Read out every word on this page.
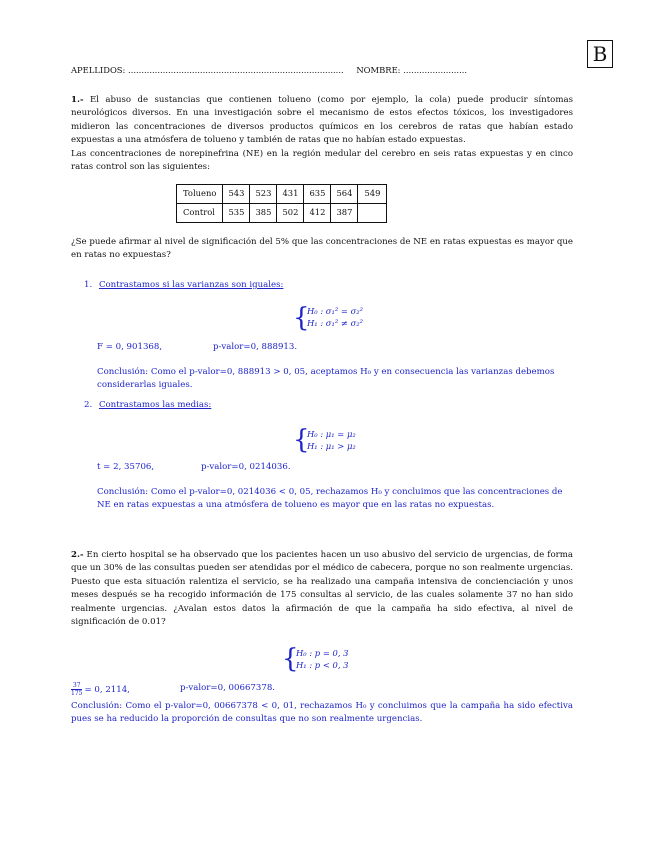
B
APELLIDOS: ................................................................................. NOMBRE: ........................
1.- El abuso de sustancias que contienen tolueno (como por ejemplo, la cola) puede producir síntomas neurológicos diversos. En una investigación sobre el mecanismo de estos efectos tóxicos, los investigadores midieron las concentraciones de diversos productos químicos en los cerebros de ratas que habían estado expuestas a una atmósfera de tolueno y también de ratas que no habían estado expuestas.
Las concentraciones de norepinefrina (NE) en la región medular del cerebro en seis ratas expuestas y en cinco ratas control son las siguientes:
Tolueno	543	523	431	635	564	549
Control	535	385	502	412	387	
¿Se puede afirmar al nivel de significación del 5% que las concentraciones de NE en ratas expuestas es mayor que en ratas no expuestas?
1. Contrastamos si las varianzas son iguales:
{
H₀ : σ₁² = σ₂²
H₁ : σ₁² ≠ σ₂²
F = 0, 901368,	p-valor=0, 888913.
Conclusión: Como el p-valor=0, 888913 > 0, 05, aceptamos H₀ y en consecuencia las varianzas debemos considerarlas iguales.
2. Contrastamos las medias:
{
H₀ : μ₁ = μ₂
H₁ : μ₁ > μ₂
t = 2, 35706,	p-valor=0, 0214036.
Conclusión: Como el p-valor=0, 0214036 < 0, 05, rechazamos H₀ y concluimos que las concentraciones de NE en ratas expuestas a una atmósfera de tolueno es mayor que en las ratas no expuestas.
2.- En cierto hospital se ha observado que los pacientes hacen un uso abusivo del servicio de urgencias, de forma que un 30% de las consultas pueden ser atendidas por el médico de cabecera, porque no son realmente urgencias. Puesto que esta situación ralentiza el servicio, se ha realizado una campaña intensiva de concienciación y unos meses después se ha recogido información de 175 consultas al servicio, de las cuales solamente 37 no han sido realmente urgencias. ¿Avalan estos datos la afirmación de que la campaña ha sido efectiva, al nivel de significación de 0.01?
{
H₀ : p = 0, 3
H₁ : p < 0, 3
$\frac{37}{175} = 0$, 2114,	p-valor=0, 00667378.
Conclusión: Como el p-valor=0, 00667378 < 0, 01, rechazamos H₀ y concluimos que la campaña ha sido efectiva pues se ha reducido la proporción de consultas que no son realmente urgencias.
